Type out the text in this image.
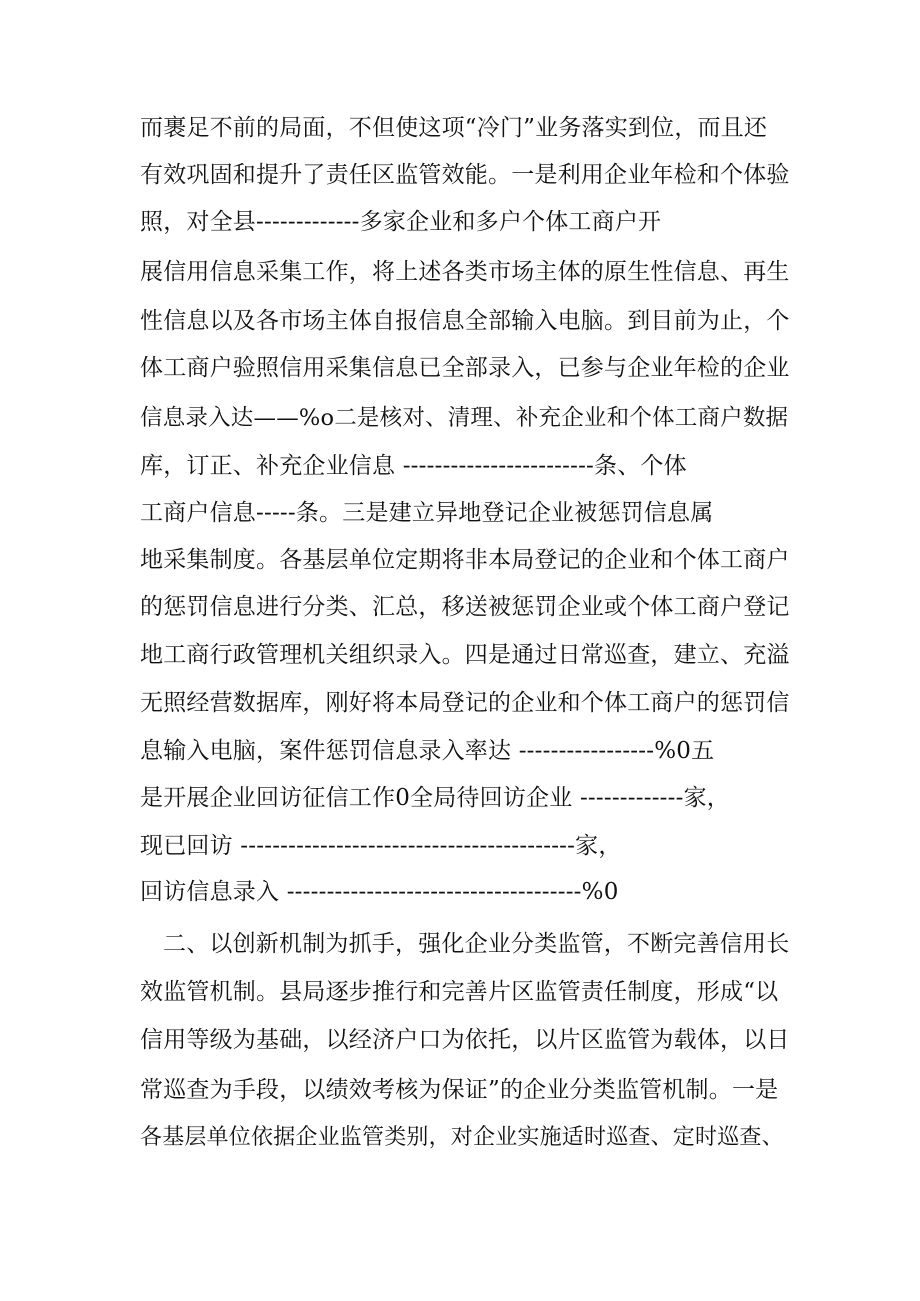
而裹足不前的局面，不但使这项“冷门”业务落实到位，而且还
有效巩固和提升了责任区监管效能。一是利用企业年检和个体验
照，对全县-------------多家企业和多户个体工商户开
展信用信息采集工作，将上述各类市场主体的原生性信息、再生
性信息以及各市场主体自报信息全部输入电脑。到目前为止，个
体工商户验照信用采集信息已全部录入，已参与企业年检的企业
信息录入达——%o二是核对、清理、补充企业和个体工商户数据
库，订正、补充企业信息 ------------------------条、个体
工商户信息-----条。三是建立异地登记企业被惩罚信息属
地采集制度。各基层单位定期将非本局登记的企业和个体工商户
的惩罚信息进行分类、汇总，移送被惩罚企业或个体工商户登记
地工商行政管理机关组织录入。四是通过日常巡查，建立、充溢
无照经营数据库，刚好将本局登记的企业和个体工商户的惩罚信
息输入电脑，案件惩罚信息录入率达 -----------------%0五
是开展企业回访征信工作0全局待回访企业 -------------家，
现已回访 ------------------------------------------家，
回访信息录入 -------------------------------------%0
二、以创新机制为抓手，强化企业分类监管，不断完善信用长
效监管机制。县局逐步推行和完善片区监管责任制度，形成“以
信用等级为基础，以经济户口为依托，以片区监管为载体，以日
常巡查为手段，以绩效考核为保证”的企业分类监管机制。一是
各基层单位依据企业监管类别，对企业实施适时巡查、定时巡查、
